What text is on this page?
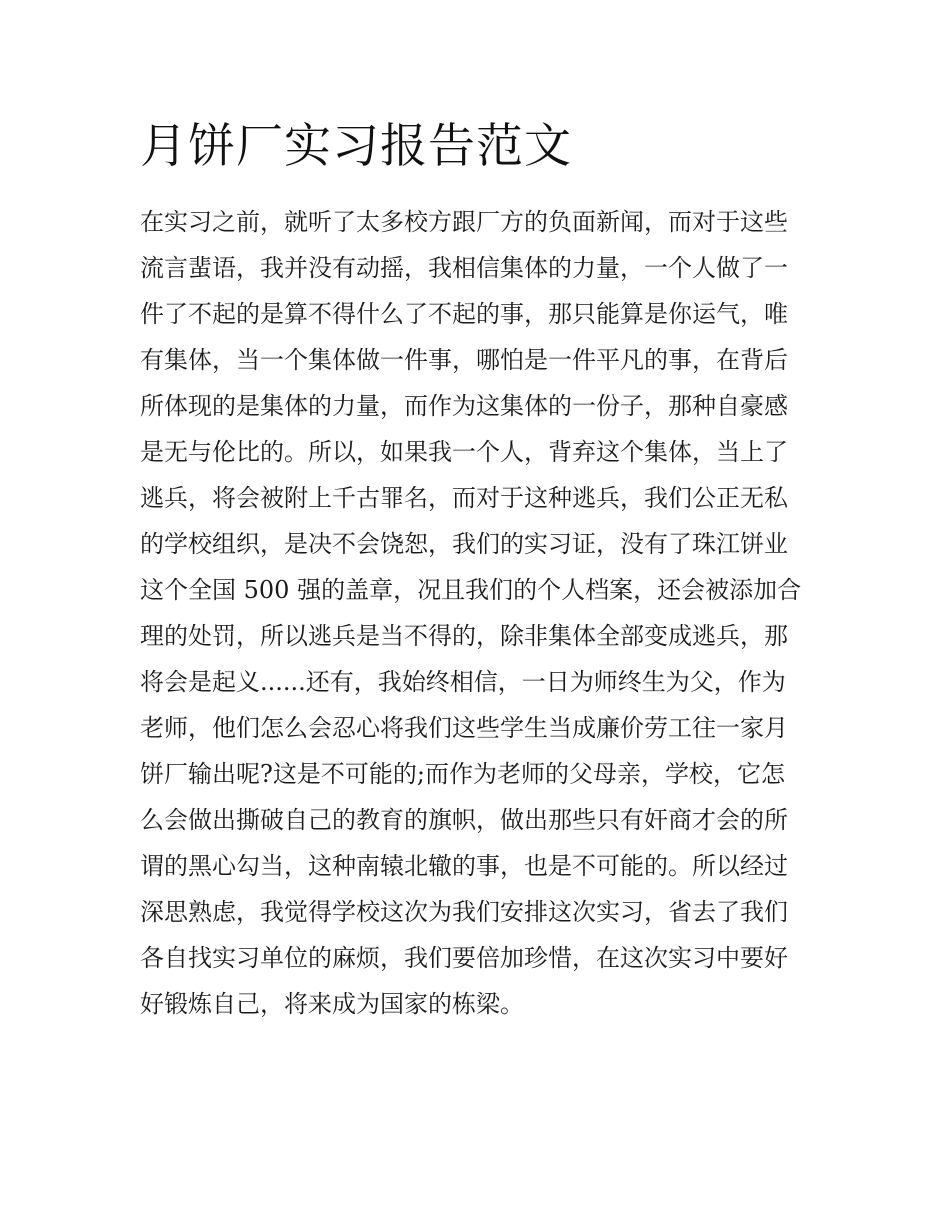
月饼厂实习报告范文
在实习之前，就听了太多校方跟厂方的负面新闻，而对于这些
流言蜚语，我并没有动摇，我相信集体的力量，一个人做了一
件了不起的是算不得什么了不起的事，那只能算是你运气，唯
有集体，当一个集体做一件事，哪怕是一件平凡的事，在背后
所体现的是集体的力量，而作为这集体的一份子，那种自豪感
是无与伦比的。所以，如果我一个人，背弃这个集体，当上了
逃兵，将会被附上千古罪名，而对于这种逃兵，我们公正无私
的学校组织，是决不会饶恕，我们的实习证，没有了珠江饼业
这个全国 500 强的盖章，况且我们的个人档案，还会被添加合
理的处罚，所以逃兵是当不得的，除非集体全部变成逃兵，那
将会是起义......还有，我始终相信，一日为师终生为父，作为
老师，他们怎么会忍心将我们这些学生当成廉价劳工往一家月
饼厂输出呢?这是不可能的;而作为老师的父母亲，学校，它怎
么会做出撕破自己的教育的旗帜，做出那些只有奸商才会的所
谓的黑心勾当，这种南辕北辙的事，也是不可能的。所以经过
深思熟虑，我觉得学校这次为我们安排这次实习，省去了我们
各自找实习单位的麻烦，我们要倍加珍惜，在这次实习中要好
好锻炼自己，将来成为国家的栋梁。
